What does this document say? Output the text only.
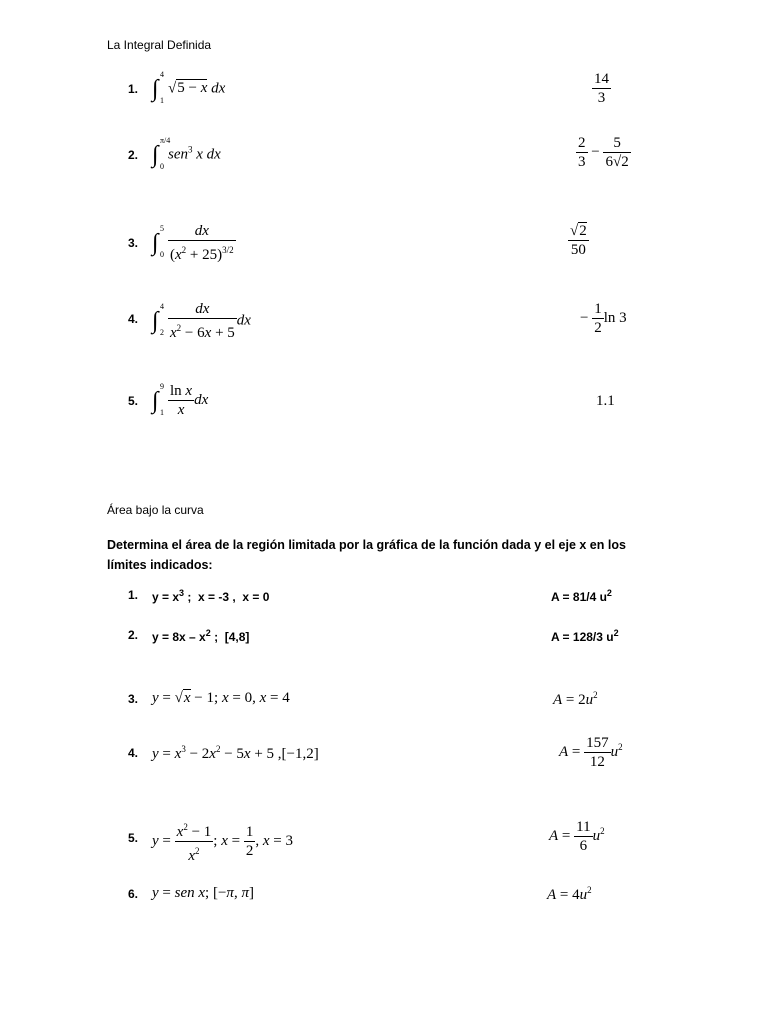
La Integral Definida
1. ∫
4
1
√5 − x dx	$\frac{14}{3}$
2. ∫
π/4
0
sen$^3$ x dx	$\frac{2}{3} - \frac{5}{6√2}$
3. ∫
5
$0 \frac{dx}{(x^2 + 25)^{3/2}}$	$\frac{√2}{50}$
4. ∫
4
$2 \frac{dx}{x^2 - 6x + 5}$ dx	− $\frac{1}{2}$ ln 3
5. ∫
9
$1 \frac{\text{ln x}}{x}$ dx	1.1
Área bajo la curva
Determina el área de la región limitada por la gráfica de la función dada y el eje x en los límites indicados:
1. $y = x^3$ ;  x = -3 ,  x = 0	A = 81/4 $u^2$
2. $y = 8x - x^2$ ;  [4,8]	A = 128/3 $u^2$
3. y = √x − 1; x = 0, x = 4	$A = 2u^2$
4. $y = x^3 - 2x^2 - 5x + 5$ ,[−1,2]	$A = \frac{157}{12} u^2$
5. $y = \frac{x^2 - 1}{x^2}$ ; $x = \frac{1}{2}$ , x = 3	$A = \frac{11}{6} u^2$
6. y = sen x; [−π, π]	$A = 4u^2$
